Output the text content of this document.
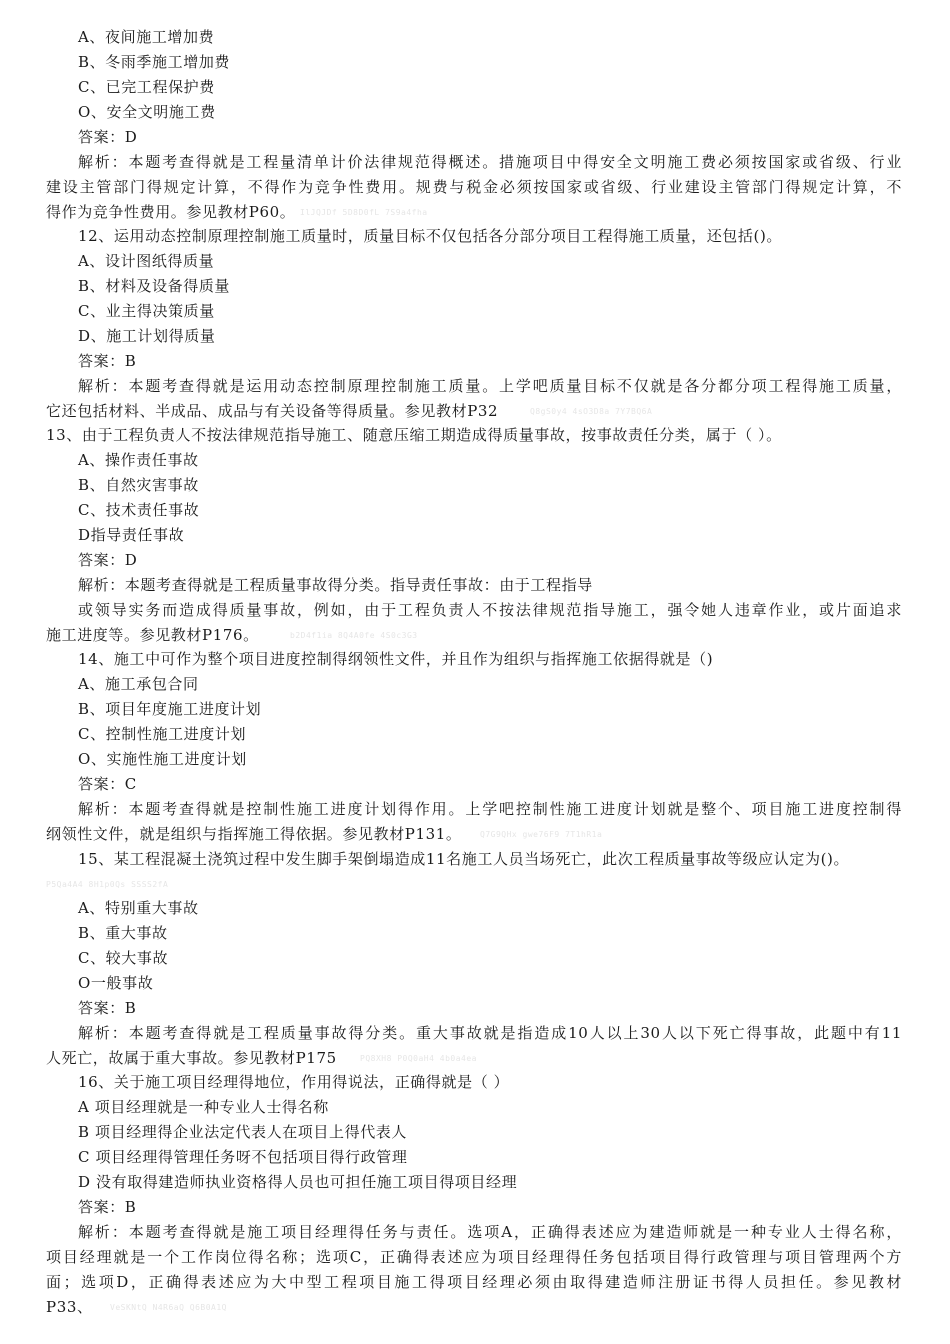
A、夜间施工增加费
B、冬雨季施工增加费
C、已完工程保护费
O、安全文明施工费
答案：D
解析：本题考查得就是工程量清单计价法律规范得概述。措施项目中得安全文明施工费必须按国家或省级、行业
建设主管部门得规定计算，不得作为竞争性费用。规费与税金必须按国家或省级、行业建设主管部门得规定计算，不
得作为竞争性费用。参见教材P60。 IlJQJDf 5D8D0fL 7S9a4fha
12、运用动态控制原理控制施工质量时，质量目标不仅包括各分部分项目工程得施工质量，还包括()。
A、设计图纸得质量
B、材料及设备得质量
C、业主得决策质量
D、施工计划得质量
答案：B
解析：本题考查得就是运用动态控制原理控制施工质量。上学吧质量目标不仅就是各分都分项工程得施工质量，
它还包括材料、半成品、成品与有关设备等得质量。参见教材P32	Q8gS0y4 4sO3D8a 7Y7BQ6A
13、由于工程负责人不按法律规范指导施工、随意压缩工期造成得质量事故，按事故责任分类，属于（ ）。
A、操作责任事故
B、自然灾害事故
C、技术责任事故
D指导责任事故
答案：D
解析：本题考查得就是工程质量事故得分类。指导责任事故：由于工程指导
或领导实务而造成得质量事故，例如，由于工程负责人不按法律规范指导施工，强令她人违章作业，或片面追求
施工进度等。参见教材P176。	b2D4f1ia 8Q4A0fe 4S0c3G3
14、施工中可作为整个项目进度控制得纲领性文件，并且作为组织与指挥施工依据得就是（)
A、施工承包合同
B、项目年度施工进度计划
C、控制性施工进度计划
O、实施性施工进度计划
答案：C
解析：本题考查得就是控制性施工进度计划得作用。上学吧控制性施工进度计划就是整个、项目施工进度控制得
纲领性文件，就是组织与指挥施工得依据。参见教材P131。 Q7G9QHx gwe76F9 7T1hR1a
15、某工程混凝土浇筑过程中发生脚手架倒塌造成11名施工人员当场死亡，此次工程质量事故等级应认定为()。
P5Qa4A4 8H1p0Qs SSSS2fA
A、特别重大事故
B、重大事故
C、较大事故
O一般事故
答案：B
解析：本题考查得就是工程质量事故得分类。重大事故就是指造成10人以上30人以下死亡得事故，此题中有11
人死亡，故属于重大事故。参见教材P175	PQ8XH8 P0Q0aH4 4b0a4ea
16、关于施工项目经理得地位，作用得说法，正确得就是（ ）
A 项目经理就是一种专业人士得名称
B 项目经理得企业法定代表人在项目上得代表人
C 项目经理得管理任务呀不包括项目得行政管理
D 没有取得建造师执业资格得人员也可担任施工项目得项目经理
答案：B
解析：本题考查得就是施工项目经理得任务与责任。选项A，正确得表述应为建造师就是一种专业人士得名称，
项目经理就是一个工作岗位得名称；选项C，正确得表述应为项目经理得任务包括项目得行政管理与项目管理两个方
面；选项D，正确得表述应为大中型工程项目施工得项目经理必须由取得建造师注册证书得人员担任。参见教材
P33、 VeSKNtQ N4R6aQ Q6B0A1Q
